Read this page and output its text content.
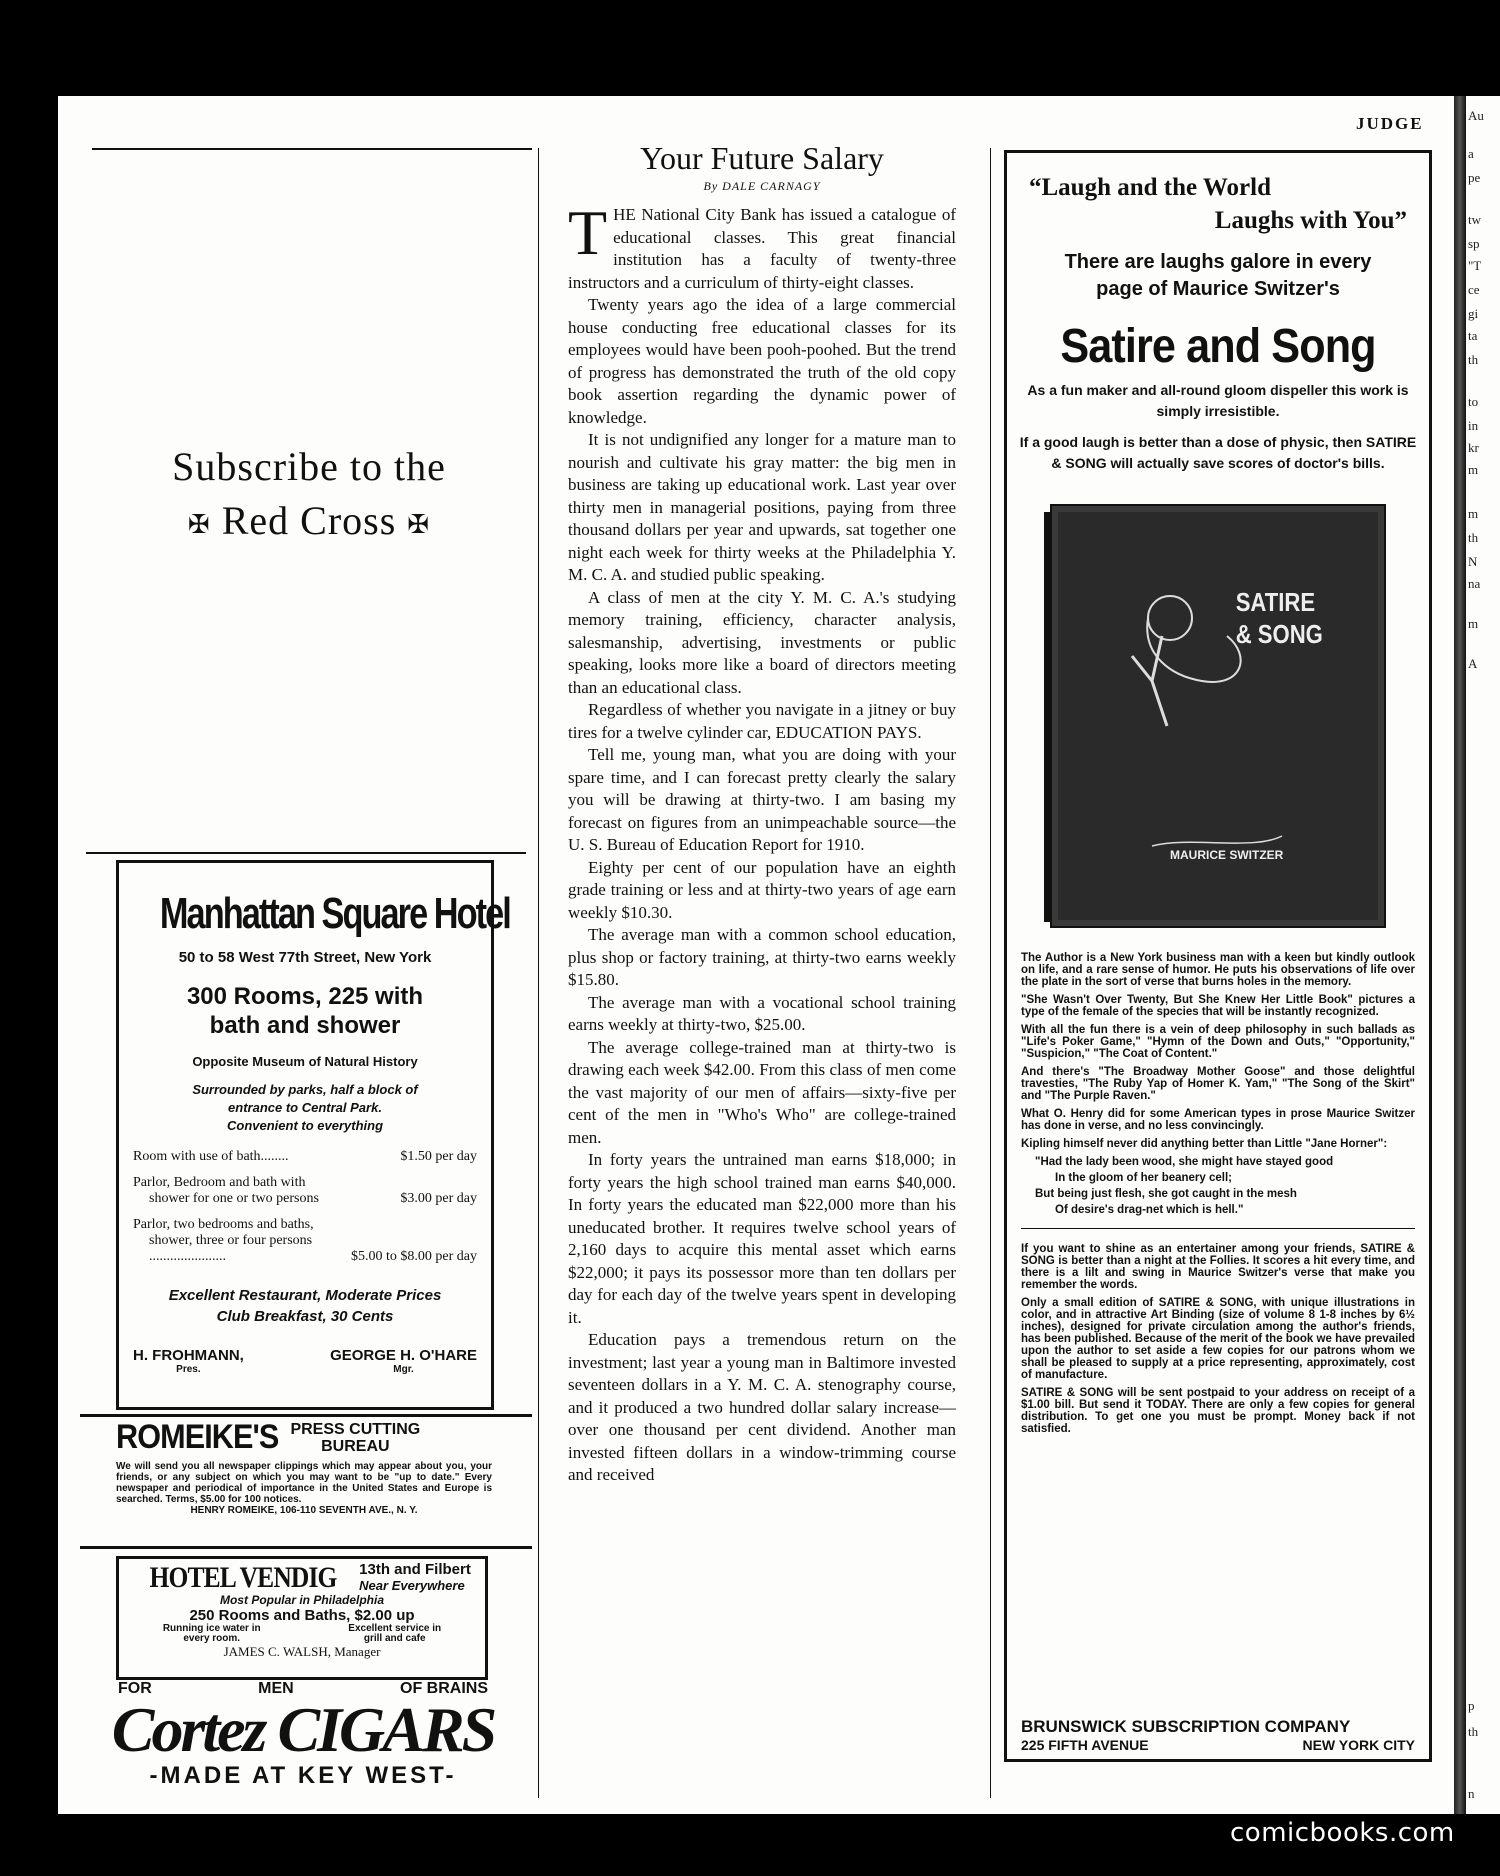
Au
a
pe
tw
sp
"T
ce
gi
ta
th
to
in
kr
m
m
th
N
na
m
A
p
th
n
JUDGE
Subscribe to the
✠ Red Cross ✠
Manhattan Square Hotel
50 to 58 West 77th Street, New York
300 Rooms, 225 with
bath and shower
Opposite Museum of Natural History
Surrounded by parks, half a block of
entrance to Central Park.
Convenient to everything
Room with use of bath........	$1.50 per day
Parlor, Bedroom and bath with
shower for one or two persons	$3.00 per day
Parlor, two bedrooms and baths,
shower, three or four persons
......................	$5.00 to $8.00 per day
Excellent Restaurant, Moderate Prices
Club Breakfast, 30 Cents
H. FROHMANN,
Pres.
GEORGE H. O'HARE
Mgr.
ROMEIKE'S PRESS CUTTING
BUREAU
We will send you all newspaper clippings which may appear about you, your friends, or any subject on which you may want to be "up to date." Every newspaper and periodical of importance in the United States and Europe is searched. Terms, $5.00 for 100 notices.
HENRY ROMEIKE, 106-110 SEVENTH AVE., N. Y.
HOTEL VENDIG 13th and Filbert
Near Everywhere
Most Popular in Philadelphia
250 Rooms and Baths, $2.00 up
Running ice water in
every room.
Excellent service in
grill and cafe
JAMES C. WALSH, Manager
FOR	MEN	OF BRAINS
Cortez CIGARS
-MADE AT KEY WEST-
Your Future Salary
By DALE CARNAGY

THE National City Bank has issued a catalogue of educational classes. This great financial institution has a faculty of twenty-three instructors and a curriculum of thirty-eight classes.

Twenty years ago the idea of a large commercial house conducting free educational classes for its employees would have been pooh-poohed. But the trend of progress has demonstrated the truth of the old copy book assertion regarding the dynamic power of knowledge.

It is not undignified any longer for a mature man to nourish and cultivate his gray matter: the big men in business are taking up educational work. Last year over thirty men in managerial positions, paying from three thousand dollars per year and upwards, sat together one night each week for thirty weeks at the Philadelphia Y. M. C. A. and studied public speaking.

A class of men at the city Y. M. C. A.'s studying memory training, efficiency, character analysis, salesmanship, advertising, investments or public speaking, looks more like a board of directors meeting than an educational class.

Regardless of whether you navigate in a jitney or buy tires for a twelve cylinder car, EDUCATION PAYS.

Tell me, young man, what you are doing with your spare time, and I can forecast pretty clearly the salary you will be drawing at thirty-two. I am basing my forecast on figures from an unimpeachable source—the U. S. Bureau of Education Report for 1910.

Eighty per cent of our population have an eighth grade training or less and at thirty-two years of age earn weekly $10.30.

The average man with a common school education, plus shop or factory training, at thirty-two earns weekly $15.80.

The average man with a vocational school training earns weekly at thirty-two, $25.00.

The average college-trained man at thirty-two is drawing each week $42.00. From this class of men come the vast majority of our men of affairs—sixty-five per cent of the men in "Who's Who" are college-trained men.

In forty years the untrained man earns $18,000; in forty years the high school trained man earns $40,000. In forty years the educated man $22,000 more than his uneducated brother. It requires twelve school years of 2,160 days to acquire this mental asset which earns $22,000; it pays its possessor more than ten dollars per day for each day of the twelve years spent in developing it.

Education pays a tremendous return on the investment; last year a young man in Baltimore invested seventeen dollars in a Y. M. C. A. stenography course, and it produced a two hundred dollar salary increase—over one thousand per cent dividend. Another man invested fifteen dollars in a window-trimming course and received

“Laugh and the World
Laughs with You”
There are laughs galore in every
page of Maurice Switzer's
Satire and Song
As a fun maker and all-round gloom dispeller this work is simply irresistible.
If a good laugh is better than a dose of physic, then SATIRE & SONG will actually save scores of doctor's bills.
SATIRE
& SONG
MAURICE SWITZER

The Author is a New York business man with a keen but kindly outlook on life, and a rare sense of humor. He puts his observations of life over the plate in the sort of verse that burns holes in the memory.

"She Wasn't Over Twenty, But She Knew Her Little Book" pictures a type of the female of the species that will be instantly recognized.

With all the fun there is a vein of deep philosophy in such ballads as "Life's Poker Game," "Hymn of the Down and Outs," "Opportunity," "Suspicion," "The Coat of Content."

And there's "The Broadway Mother Goose" and those delightful travesties, "The Ruby Yap of Homer K. Yam," "The Song of the Skirt" and "The Purple Raven."

What O. Henry did for some American types in prose Maurice Switzer has done in verse, and no less convincingly.

Kipling himself never did anything better than Little "Jane Horner":

"Had the lady been wood, she might have stayed good
In the gloom of her beanery cell;
But being just flesh, she got caught in the mesh
Of desire's drag-net which is hell."

If you want to shine as an entertainer among your friends, SATIRE & SONG is better than a night at the Follies. It scores a hit every time, and there is a lilt and swing in Maurice Switzer's verse that make you remember the words.

Only a small edition of SATIRE & SONG, with unique illustrations in color, and in attractive Art Binding (size of volume 8 1-8 inches by 6½ inches), designed for private circulation among the author's friends, has been published. Because of the merit of the book we have prevailed upon the author to set aside a few copies for our patrons whom we shall be pleased to supply at a price representing, approximately, cost of manufacture.

SATIRE & SONG will be sent postpaid to your address on receipt of a $1.00 bill. But send it TODAY. There are only a few copies for general distribution. To get one you must be prompt. Money back if not satisfied.

BRUNSWICK SUBSCRIPTION COMPANY
225 FIFTH AVENUE	NEW YORK CITY
comicbooks.com
